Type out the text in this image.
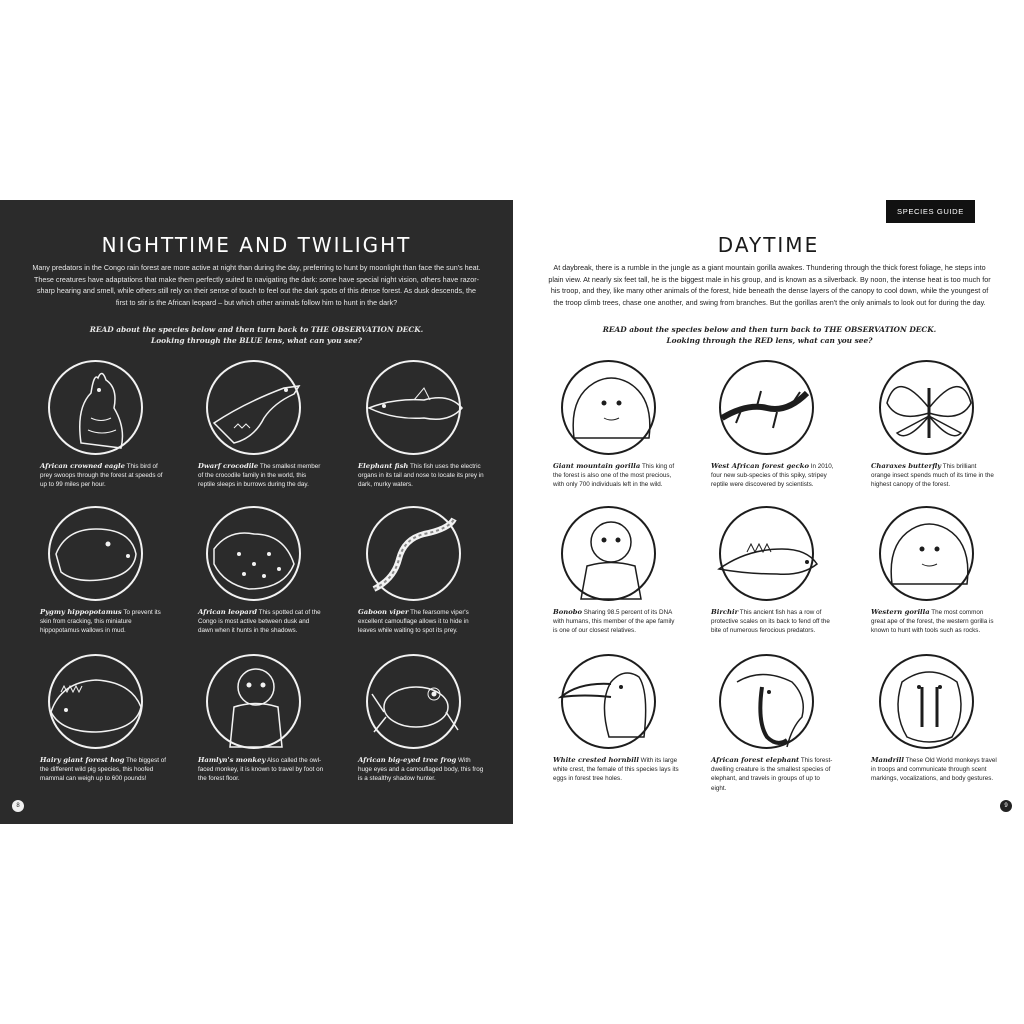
NIGHTTIME AND TWILIGHT

Many predators in the Congo rain forest are more active at night than during the day, preferring to hunt by moonlight than face the sun's heat. These creatures have adaptations that make them perfectly suited to navigating the dark: some have special night vision, others have razor-sharp hearing and smell, while others still rely on their sense of touch to feel out the dark spots of this dense forest. As dusk descends, the first to stir is the African leopard – but which other animals follow him to hunt in the dark?

READ about the species below and then turn back to THE OBSERVATION DECK.
Looking through the BLUE lens, what can you see?
African crowned eagle This bird of prey swoops through the forest at speeds of up to 99 miles per hour.
Dwarf crocodile The smallest member of the crocodile family in the world, this reptile sleeps in burrows during the day.
Elephant fish This fish uses the electric organs in its tail and nose to locate its prey in dark, murky waters.
Pygmy hippopotamus To prevent its skin from cracking, this miniature hippopotamus wallows in mud.
African leopard This spotted cat of the Congo is most active between dusk and dawn when it hunts in the shadows.
Gaboon viper The fearsome viper's excellent camouflage allows it to hide in leaves while waiting to spot its prey.
Hairy giant forest hog The biggest of the different wild pig species, this hoofed mammal can weigh up to 600 pounds!
Hamlyn's monkey Also called the owl-faced monkey, it is known to travel by foot on the forest floor.
African big-eyed tree frog With huge eyes and a camouflaged body, this frog is a stealthy shadow hunter.
8
SPECIES GUIDE
DAYTIME

At daybreak, there is a rumble in the jungle as a giant mountain gorilla awakes. Thundering through the thick forest foliage, he steps into plain view. At nearly six feet tall, he is the biggest male in his group, and is known as a silverback. By noon, the intense heat is too much for his troop, and they, like many other animals of the forest, hide beneath the dense layers of the canopy to cool down, while the youngest of the troop climb trees, chase one another, and swing from branches. But the gorillas aren't the only animals to look out for during the day.

READ about the species below and then turn back to THE OBSERVATION DECK.
Looking through the RED lens, what can you see?
Giant mountain gorilla This king of the forest is also one of the most precious, with only 700 individuals left in the wild.
West African forest gecko In 2010, four new sub-species of this spiky, stripey reptile were discovered by scientists.
Charaxes butterfly This brilliant orange insect spends much of its time in the highest canopy of the forest.
Bonobo Sharing 98.5 percent of its DNA with humans, this member of the ape family is one of our closest relatives.
Birchir This ancient fish has a row of protective scales on its back to fend off the bite of numerous ferocious predators.
Western gorilla The most common great ape of the forest, the western gorilla is known to hunt with tools such as rocks.
White crested hornbill With its large white crest, the female of this species lays its eggs in forest tree holes.
African forest elephant This forest-dwelling creature is the smallest species of elephant, and travels in groups of up to eight.
Mandrill These Old World monkeys travel in troops and communicate through scent markings, vocalizations, and body gestures.
9
